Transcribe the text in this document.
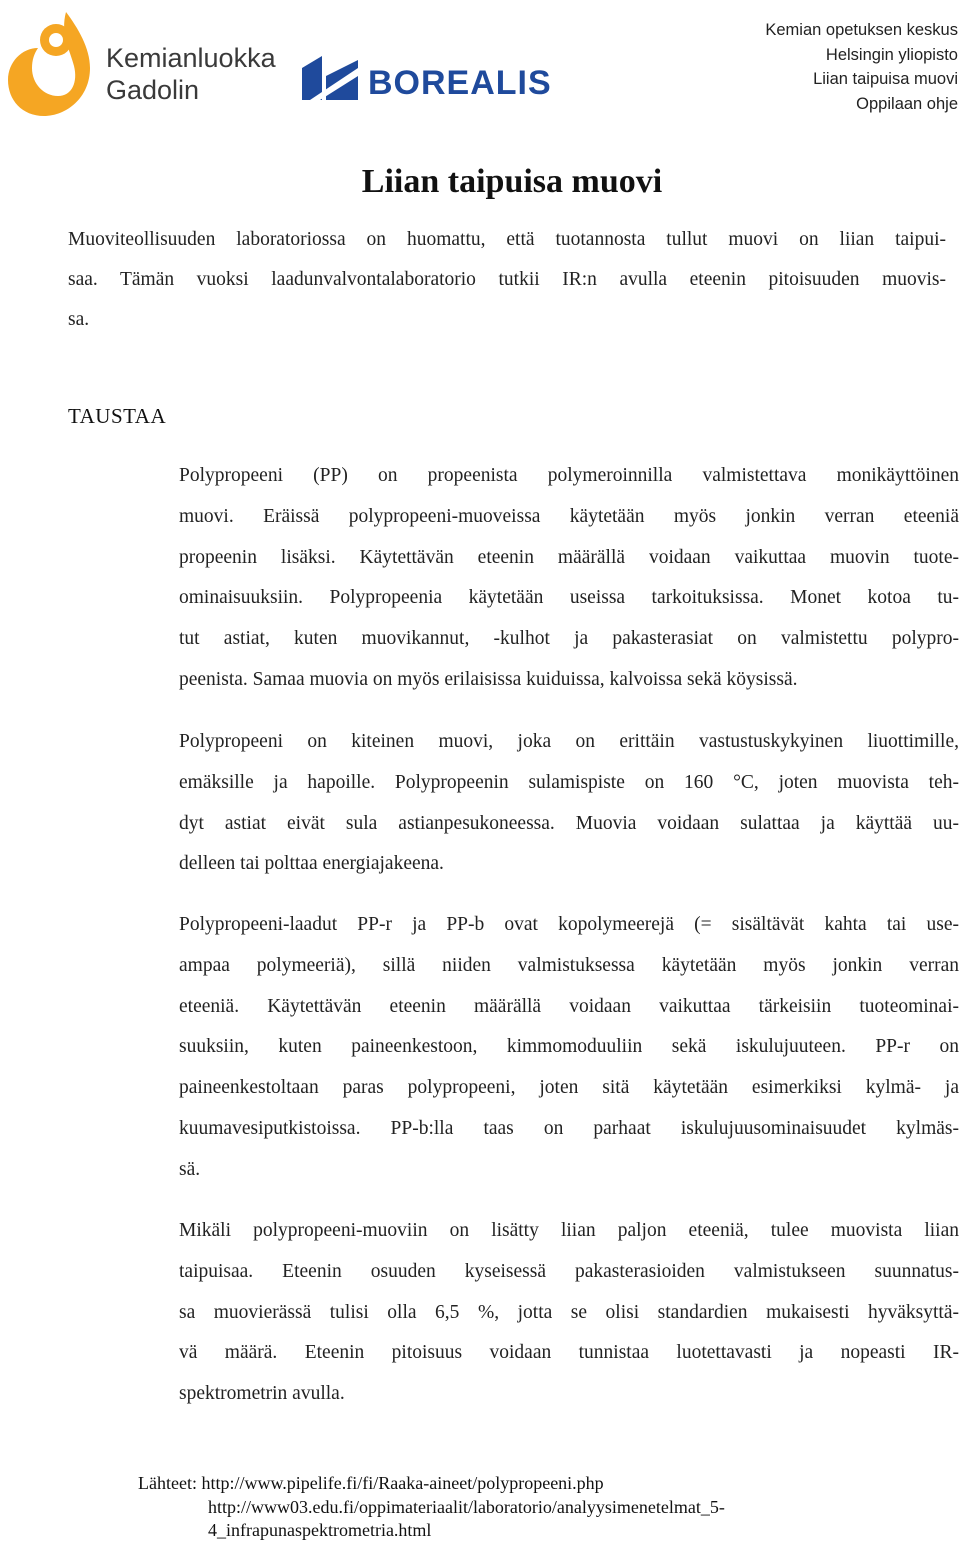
Kemianluokka
Gadolin	BOREALIS
Kemian opetuksen keskus
Helsingin yliopisto
Liian taipuisa muovi
Oppilaan ohje
Liian taipuisa muovi
Muoviteollisuuden laboratoriossa on huomattu, että tuotannosta tullut muovi on liian taipui-
saa. Tämän vuoksi laadunvalvontalaboratorio tutkii IR:n avulla eteenin pitoisuuden muovis-
sa.
TAUSTAA
Polypropeeni (PP) on propeenista polymeroinnilla valmistettava monikäyttöinen
muovi. Eräissä polypropeeni-muoveissa käytetään myös jonkin verran eteeniä
propeenin lisäksi. Käytettävän eteenin määrällä voidaan vaikuttaa muovin tuote-
ominaisuuksiin. Polypropeenia käytetään useissa tarkoituksissa. Monet kotoa tu-
tut astiat, kuten muovikannut, -kulhot ja pakasterasiat on valmistettu polypro-
peenista. Samaa muovia on myös erilaisissa kuiduissa, kalvoissa sekä köysissä.
Polypropeeni on kiteinen muovi, joka on erittäin vastustuskykyinen liuottimille,
emäksille ja hapoille. Polypropeenin sulamispiste on 160 °C, joten muovista teh-
dyt astiat eivät sula astianpesukoneessa. Muovia voidaan sulattaa ja käyttää uu-
delleen tai polttaa energiajakeena.
Polypropeeni-laadut PP-r ja PP-b ovat kopolymeerejä (= sisältävät kahta tai use-
ampaa polymeeriä), sillä niiden valmistuksessa käytetään myös jonkin verran
eteeniä. Käytettävän eteenin määrällä voidaan vaikuttaa tärkeisiin tuoteominai-
suuksiin, kuten paineenkestoon, kimmomoduuliin sekä iskulujuuteen. PP-r on
paineenkestoltaan paras polypropeeni, joten sitä käytetään esimerkiksi kylmä- ja
kuumavesiputkistoissa. PP-b:lla taas on parhaat iskulujuusominaisuudet kylmäs-
sä.
Mikäli polypropeeni-muoviin on lisätty liian paljon eteeniä, tulee muovista liian
taipuisaa. Eteenin osuuden kyseisessä pakasterasioiden valmistukseen suunnatus-
sa muovierässä tulisi olla 6,5 %, jotta se olisi standardien mukaisesti hyväksyttä-
vä määrä. Eteenin pitoisuus voidaan tunnistaa luotettavasti ja nopeasti IR-
spektrometrin avulla.
Lähteet: http://www.pipelife.fi/fi/Raaka-aineet/polypropeeni.php
http://www03.edu.fi/oppimateriaalit/laboratorio/analyysimenetelmat_5-
4_infrapunaspektrometria.html
